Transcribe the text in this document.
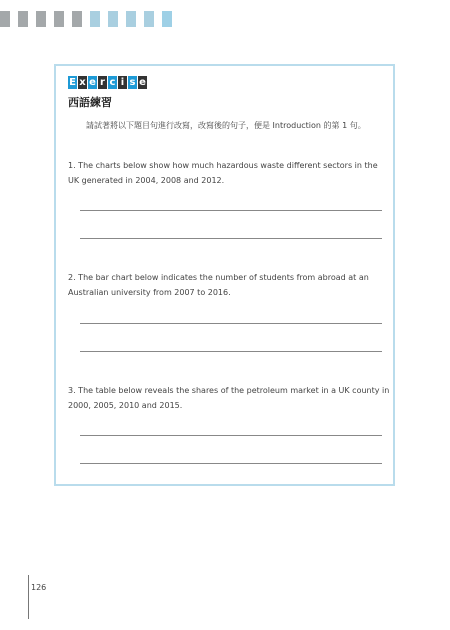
E x e r c i s e
西語練習
請試著將以下題目句進行改寫，改寫後的句子，便是 Introduction 的第 1 句。
1. The charts below show how much hazardous waste different sectors in the UK generated in 2004, 2008 and 2012.
2. The bar chart below indicates the number of students from abroad at an Australian university from 2007 to 2016.
3. The table below reveals the shares of the petroleum market in a UK county in 2000, 2005, 2010 and 2015.
126
